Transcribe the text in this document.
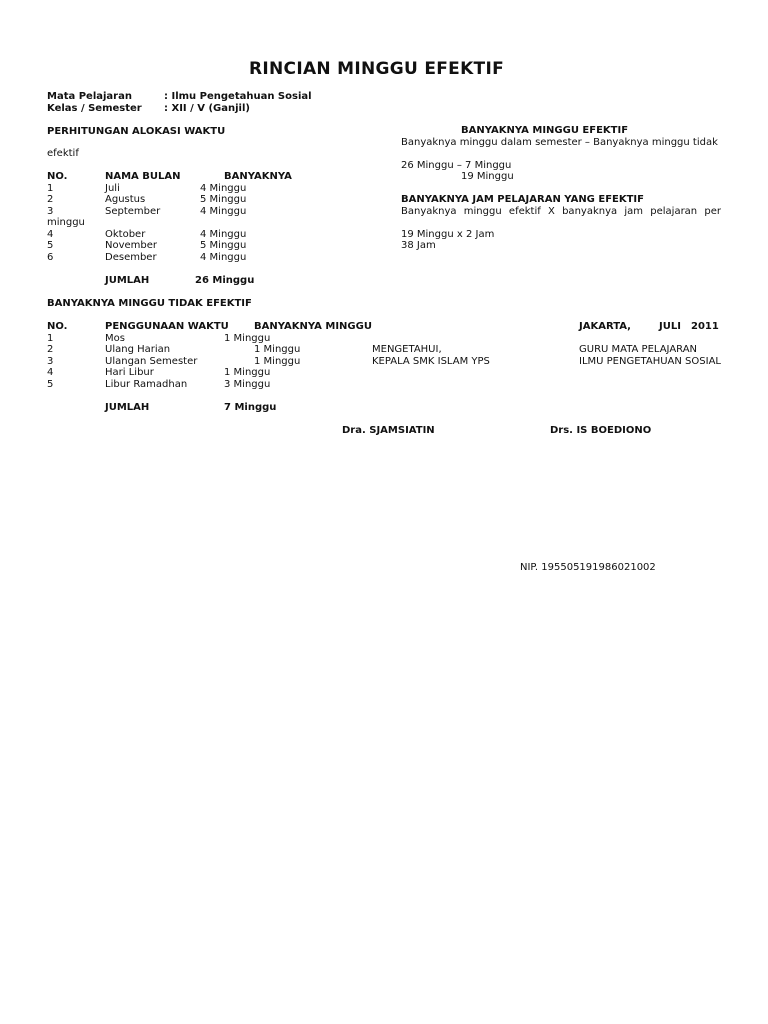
RINCIAN MINGGU EFEKTIF
Mata Pelajaran	: Ilmu Pengetahuan Sosial
Kelas / Semester : XII / V (Ganjil)
PERHITUNGAN ALOKASI WAKTU
efektif
NO.	NAMA BULAN	BANYAKNYA
1	Juli	4 Minggu
2	Agustus	5 Minggu
3	September	4 Minggu
4	Oktober	4 Minggu
5	November	5 Minggu
6	Desember	4 Minggu
JUMLAH	26 Minggu
BANYAKNYA MINGGU EFEKTIF
Banyaknya minggu dalam semester – Banyaknya minggu tidak
26 Minggu – 7 Minggu
19 Minggu
BANYAKNYA JAM PELAJARAN YANG EFEKTIF
Banyaknya minggu efektif X banyaknya jam pelajaran per
minggu
19 Minggu x 2 Jam
38 Jam
BANYAKNYA MINGGU TIDAK EFEKTIF
NO.	PENGGUNAAN WAKTU	BANYAKNYA MINGGU
1	Mos	1 Minggu
2	Ulang Harian	1 Minggu
3	Ulangan Semester	1 Minggu
4	Hari Libur	1 Minggu
5	Libur Ramadhan	3 Minggu
JUMLAH	7 Minggu
JAKARTA,	JULI 2011
MENGETAHUI,
KEPALA SMK ISLAM YPS
GURU MATA PELAJARAN
ILMU PENGETAHUAN SOSIAL
Dra. SJAMSIATIN	Drs. IS BOEDIONO
NIP. 195505191986021002
